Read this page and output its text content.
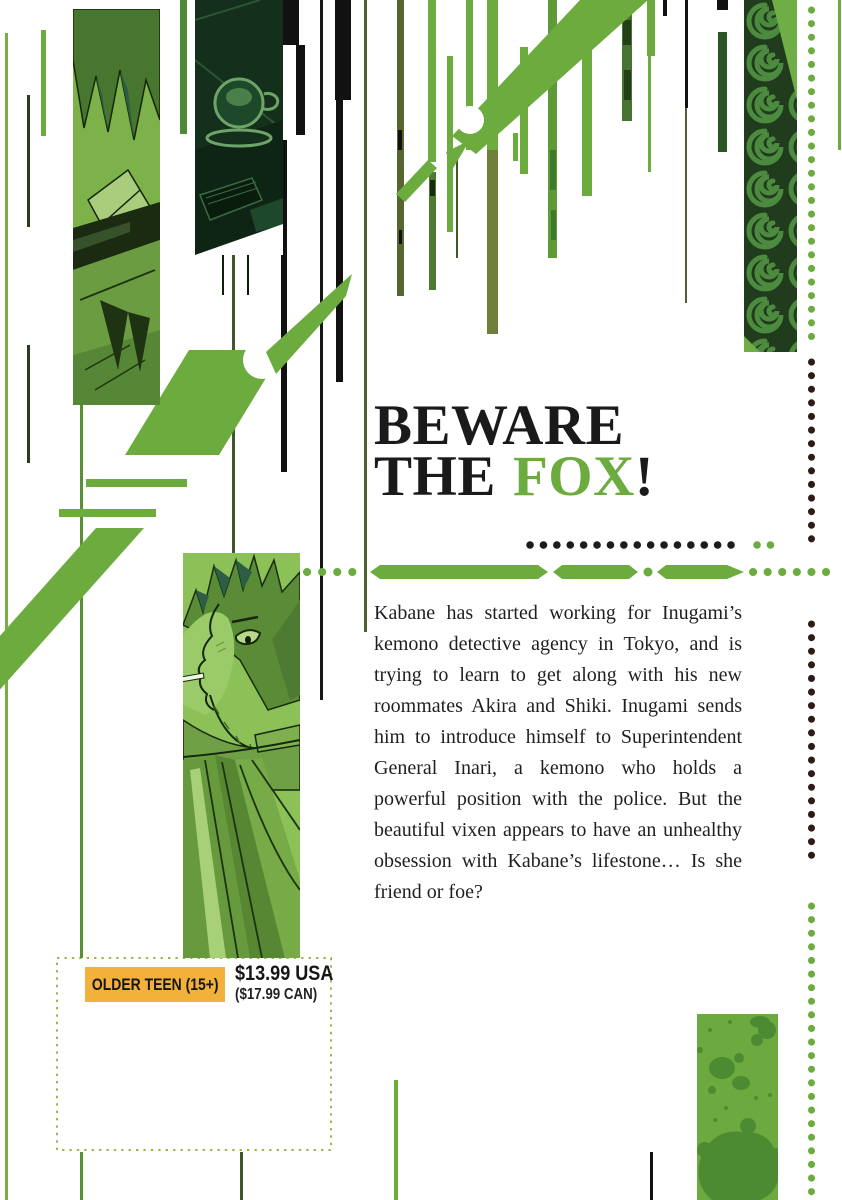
BEWARE
THE FOX!
Kabane has started working for Inugami’s kemono detective agency in Tokyo, and is trying to learn to get along with his new roommates Akira and Shiki. Inugami sends him to introduce himself to Superintendent General Inari, a kemono who holds a powerful position with the police. But the beautiful vixen appears to have an unhealthy obsession with Kabane’s lifestone… Is she friend or foe?
OLDER TEEN (15+) $13.99 USA
($17.99 CAN)
